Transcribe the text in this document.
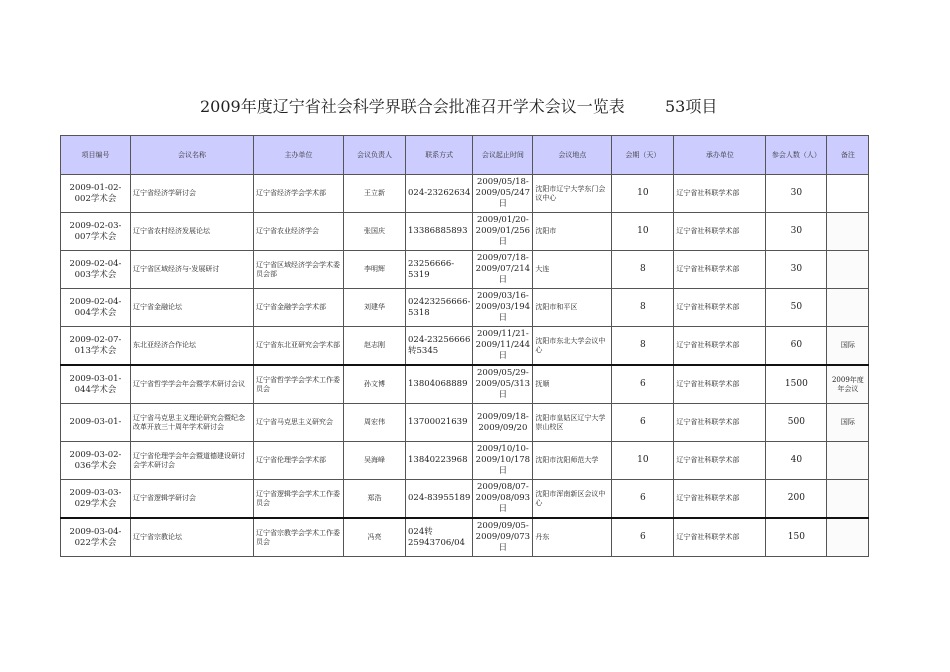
2009年度辽宁省社会科学界联合会批准召开学术会议一览表	53项目
项目编号	会议名称	主办单位	会议负责人	联系方式	会议起止时间	会议地点	会期（天）	承办单位	参会人数（人）	备注
2009-01-02-002学术会	辽宁省经济学研讨会	辽宁省经济学会学术部	王立新	024-23262634	2009/05/18-2009/05/247日	沈阳市辽宁大学东门会议中心	10	辽宁省社科联学术部	30	
2009-02-03-007学术会	辽宁省农村经济发展论坛	辽宁省农业经济学会	张国庆	13386885893	2009/01/20-2009/01/256日	沈阳市	10	辽宁省社科联学术部	30	
2009-02-04-003学术会	辽宁省区域经济与-发展研讨	辽宁省区域经济学会学术委员会部	李明辉	23256666-5319	2009/07/18-2009/07/214日	大连	8	辽宁省社科联学术部	30	
2009-02-04-004学术会	辽宁省金融论坛	辽宁省金融学会学术部	刘建华	02423256666-5318	2009/03/16-2009/03/194日	沈阳市和平区	8	辽宁省社科联学术部	50	
2009-02-07-013学术会	东北亚经济合作论坛	辽宁省东北亚研究会学术部	赵志刚	024-23256666转5345	2009/11/21-2009/11/244日	沈阳市东北大学会议中心	8	辽宁省社科联学术部	60	国际
2009-03-01-044学术会	辽宁省哲学学会年会暨学术研讨会议	辽宁省哲学学会学术工作委员会	孙文博	13804068889	2009/05/29-2009/05/313日	抚顺	6	辽宁省社科联学术部	1500	2009年度年会议
2009-03-01-	辽宁省马克思主义理论研究会暨纪念改革开放三十周年学术研讨会	辽宁省马克思主义研究会	周宏伟	13700021639	2009/09/18-2009/09/20	沈阳市皇姑区辽宁大学崇山校区	6	辽宁省社科联学术部	500	国际
2009-03-02-036学术会	辽宁省伦理学会年会暨道德建设研讨会学术研讨会	辽宁省伦理学会学术部	吴海峰	13840223968	2009/10/10-2009/10/178日	沈阳市沈阳师范大学	10	辽宁省社科联学术部	40	
2009-03-03-029学术会	辽宁省逻辑学研讨会	辽宁省逻辑学会学术工作委员会	郑浩	024-83955189	2009/08/07-2009/08/093日	沈阳市浑南新区会议中心	6	辽宁省社科联学术部	200	
2009-03-04-022学术会	辽宁省宗教论坛	辽宁省宗教学会学术工作委员会	冯亮	024转25943706/04	2009/09/05-2009/09/073日	丹东	6	辽宁省社科联学术部	150	
